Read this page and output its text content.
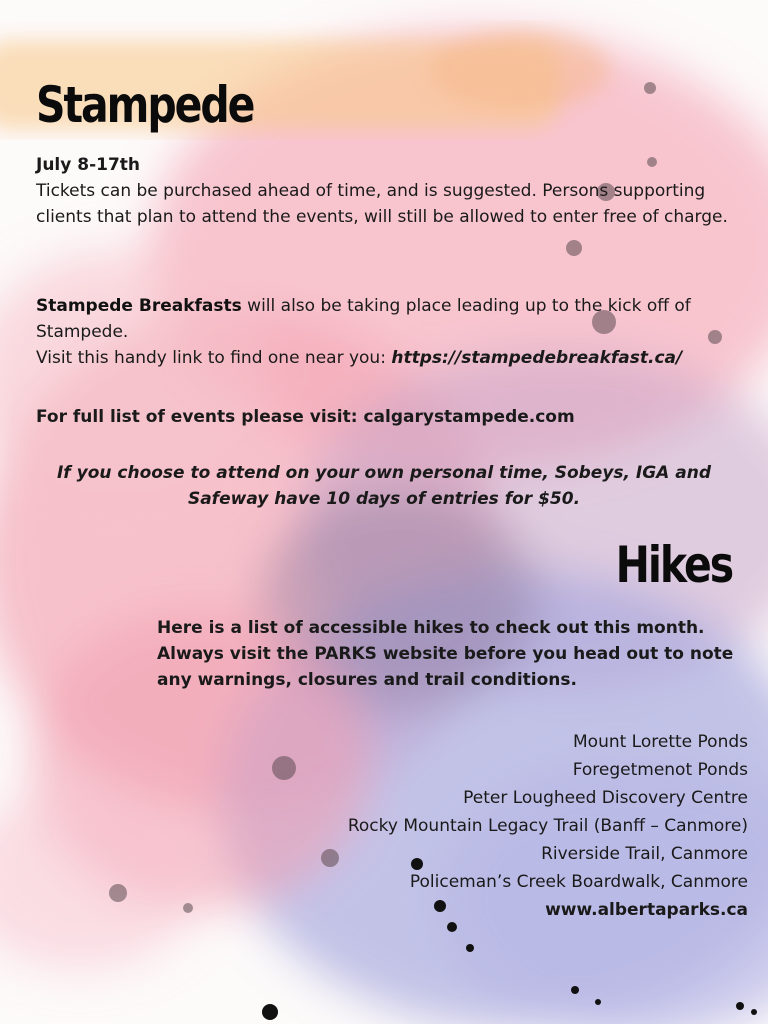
Stampede

July 8-17th

Tickets can be purchased ahead of time, and is suggested. Persons supporting clients that plan to attend the events, will still be allowed to enter free of charge.

Stampede Breakfasts will also be taking place leading up to the kick off of Stampede.
Visit this handy link to find one near you: https://stampedebreakfast.ca/

For full list of events please visit: calgarystampede.com

If you choose to attend on your own personal time, Sobeys, IGA and Safeway have 10 days of entries for $50.

Hikes

Here is a list of accessible hikes to check out this month. Always visit the PARKS website before you head out to note any warnings, closures and trail conditions.

Mount Lorette Ponds
Foregetmenot Ponds
Peter Lougheed Discovery Centre
Rocky Mountain Legacy Trail (Banff – Canmore)
Riverside Trail, Canmore
Policeman’s Creek Boardwalk, Canmore
www.albertaparks.ca
